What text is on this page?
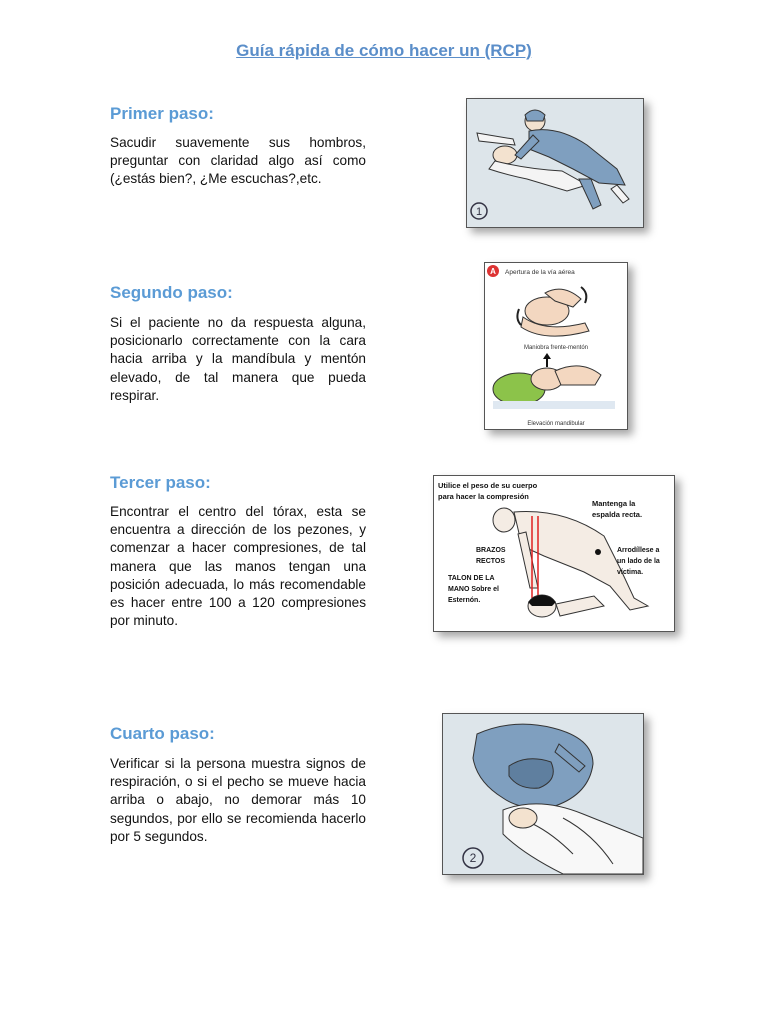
Guía rápida de cómo hacer un (RCP)
Primer paso:
Sacudir suavemente sus hombros, preguntar con claridad algo así como (¿estás bien?, ¿Me escuchas?,etc.
1
Segundo paso:
Si el paciente no da respuesta alguna, posicionarlo correctamente con la cara hacia arriba y la mandíbula y mentón elevado, de tal manera que pueda respirar.
A Apertura de la vía aérea
Maniobra frente-mentón
Elevación mandibular
Tercer paso:
Encontrar el centro del tórax, esta se encuentra a dirección de los pezones, y comenzar a hacer compresiones, de tal manera que las manos tengan una posición adecuada, lo más recomendable es hacer entre 100 a 120 compresiones por minuto.
Utilice el peso de su cuerpo
para hacer la compresión
Mantenga la
espalda recta.
BRAZOS
RECTOS
Arrodíllese a
un lado de la
víctima.
TALON DE LA
MANO Sobre el
Esternón.
Cuarto paso:
Verificar si la persona muestra signos de respiración, o si el pecho se mueve hacia arriba o abajo, no demorar más 10 segundos, por ello se recomienda hacerlo por 5 segundos.
2
